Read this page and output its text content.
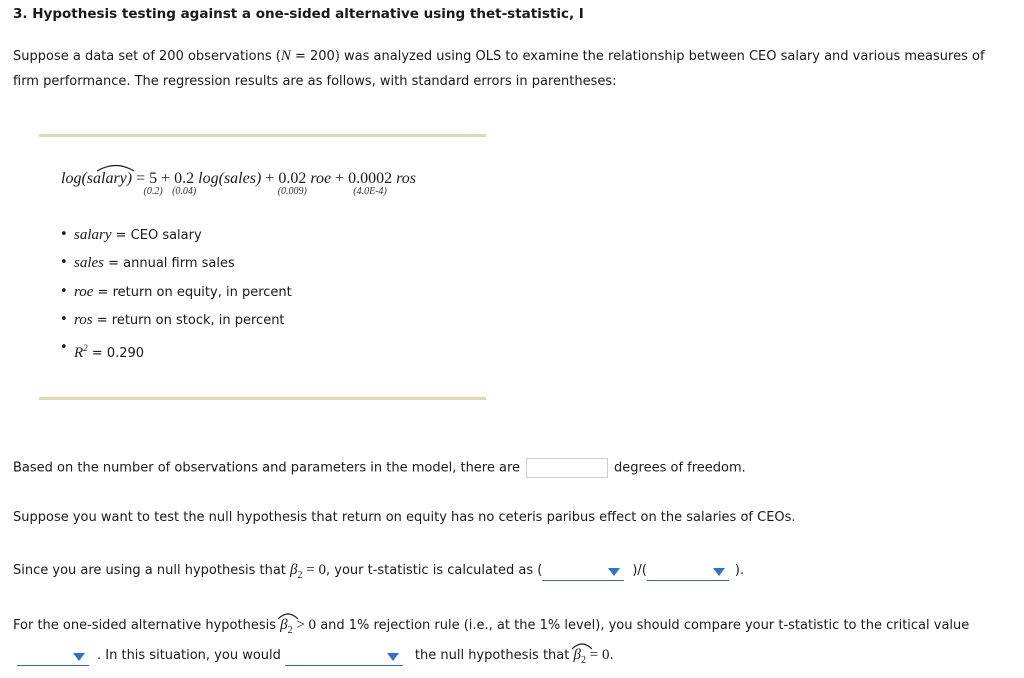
3. Hypothesis testing against a one-sided alternative using thet-statistic, I
Suppose a data set of 200 observations (N = 200) was analyzed using OLS to examine the relationship between CEO salary and various measures of
firm performance. The regression results are as follows, with standard errors in parentheses:
log(salary)
= 5
(0.2)
+ 0.2
(0.04)
log(sales) + 0.02
(0.009)
roe + 0.0002
(4.0E-4)
ros
• salary = CEO salary
• sales = annual firm sales
• roe = return on equity, in percent
• ros = return on stock, in percent
• $R^2 = 0.290$
Based on the number of observations and parameters in the model, there are	degrees of freedom.
Suppose you want to test the null hypothesis that return on equity has no ceteris paribus effect on the salaries of CEOs.
Since you are using a null hypothesis that $\beta_2 = 0$, your t-statistic is calculated as (	)/(	).
For the one-sided alternative hypothesis β
$_2$ > 0 and 1% rejection rule (i.e., at the 1% level), you should compare your t-statistic to the critical value
. In this situation, you would	the null hypothesis that β
$_2$ = 0.
